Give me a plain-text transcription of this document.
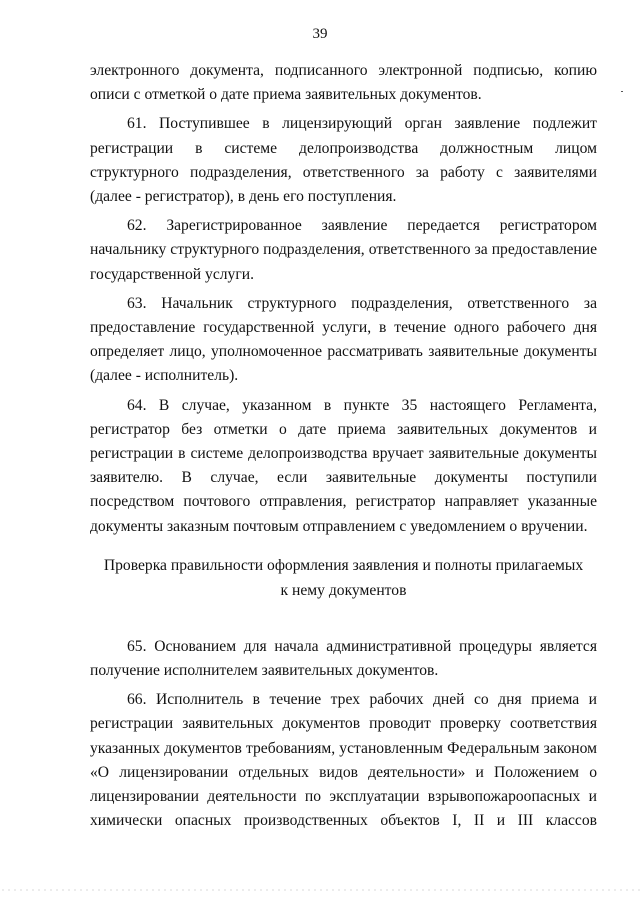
39

электронного документа, подписанного электронной подписью, копию описи с отметкой о дате приема заявительных документов.

61. Поступившее в лицензирующий орган заявление подлежит регистрации в системе делопроизводства должностным лицом структурного подразделения, ответственного за работу с заявителями (далее - регистратор), в день его поступления.

62. Зарегистрированное заявление передается регистратором начальнику структурного подразделения, ответственного за предоставление государственной услуги.

63. Начальник структурного подразделения, ответственного за предоставление государственной услуги, в течение одного рабочего дня определяет лицо, уполномоченное рассматривать заявительные документы (далее - исполнитель).

64. В случае, указанном в пункте 35 настоящего Регламента, регистратор без отметки о дате приема заявительных документов и регистрации в системе делопроизводства вручает заявительные документы заявителю. В случае, если заявительные документы поступили посредством почтового отправления, регистратор направляет указанные документы заказным почтовым отправлением с уведомлением о вручении.

Проверка правильности оформления заявления и полноты прилагаемых
к нему документов

65. Основанием для начала административной процедуры является получение исполнителем заявительных документов.

66. Исполнитель в течение трех рабочих дней со дня приема и регистрации заявительных документов проводит проверку соответствия указанных документов требованиям, установленным Федеральным законом «О лицензировании отдельных видов деятельности» и Положением о лицензировании деятельности по эксплуатации взрывопожароопасных и химически опасных производственных объектов I, II и III классов
